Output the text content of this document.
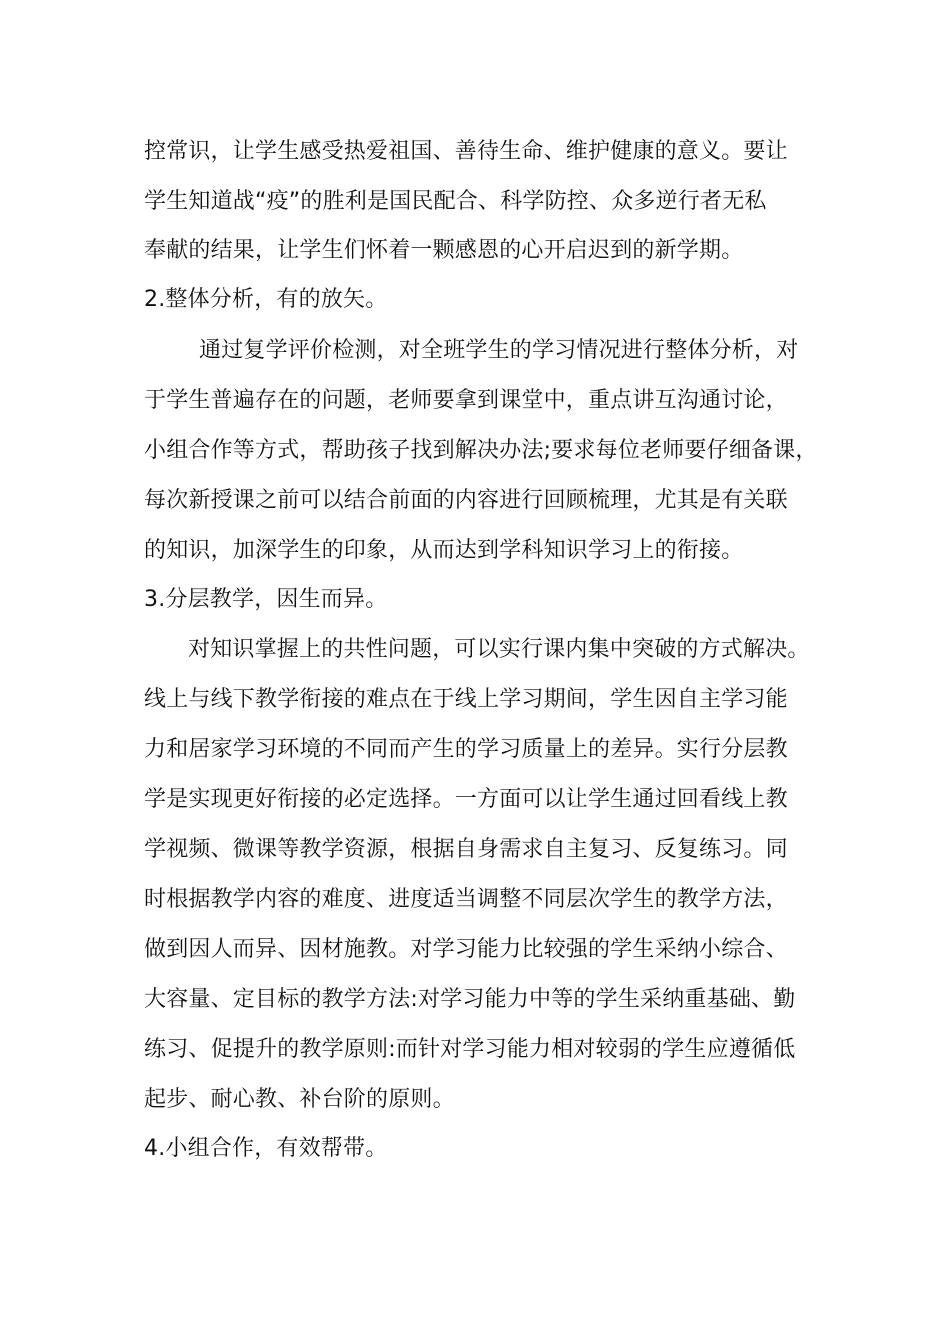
控常识，让学生感受热爱祖国、善待生命、维护健康的意义。要让
学生知道战“疫”的胜利是国民配合、科学防控、众多逆行者无私
奉献的结果，让学生们怀着一颗感恩的心开启迟到的新学期。
2.整体分析，有的放矢。
通过复学评价检测，对全班学生的学习情况进行整体分析，对
于学生普遍存在的问题，老师要拿到课堂中，重点讲互沟通讨论，
小组合作等方式，帮助孩子找到解决办法;要求每位老师要仔细备课，
每次新授课之前可以结合前面的内容进行回顾梳理，尤其是有关联
的知识，加深学生的印象，从而达到学科知识学习上的衔接。
3.分层教学，因生而异。
对知识掌握上的共性问题，可以实行课内集中突破的方式解决。
线上与线下教学衔接的难点在于线上学习期间，学生因自主学习能
力和居家学习环境的不同而产生的学习质量上的差异。实行分层教
学是实现更好衔接的必定选择。一方面可以让学生通过回看线上教
学视频、微课等教学资源，根据自身需求自主复习、反复练习。同
时根据教学内容的难度、进度适当调整不同层次学生的教学方法，
做到因人而异、因材施教。对学习能力比较强的学生采纳小综合、
大容量、定目标的教学方法:对学习能力中等的学生采纳重基础、勤
练习、促提升的教学原则:而针对学习能力相对较弱的学生应遵循低
起步、耐心教、补台阶的原则。
4.小组合作，有效帮带。
